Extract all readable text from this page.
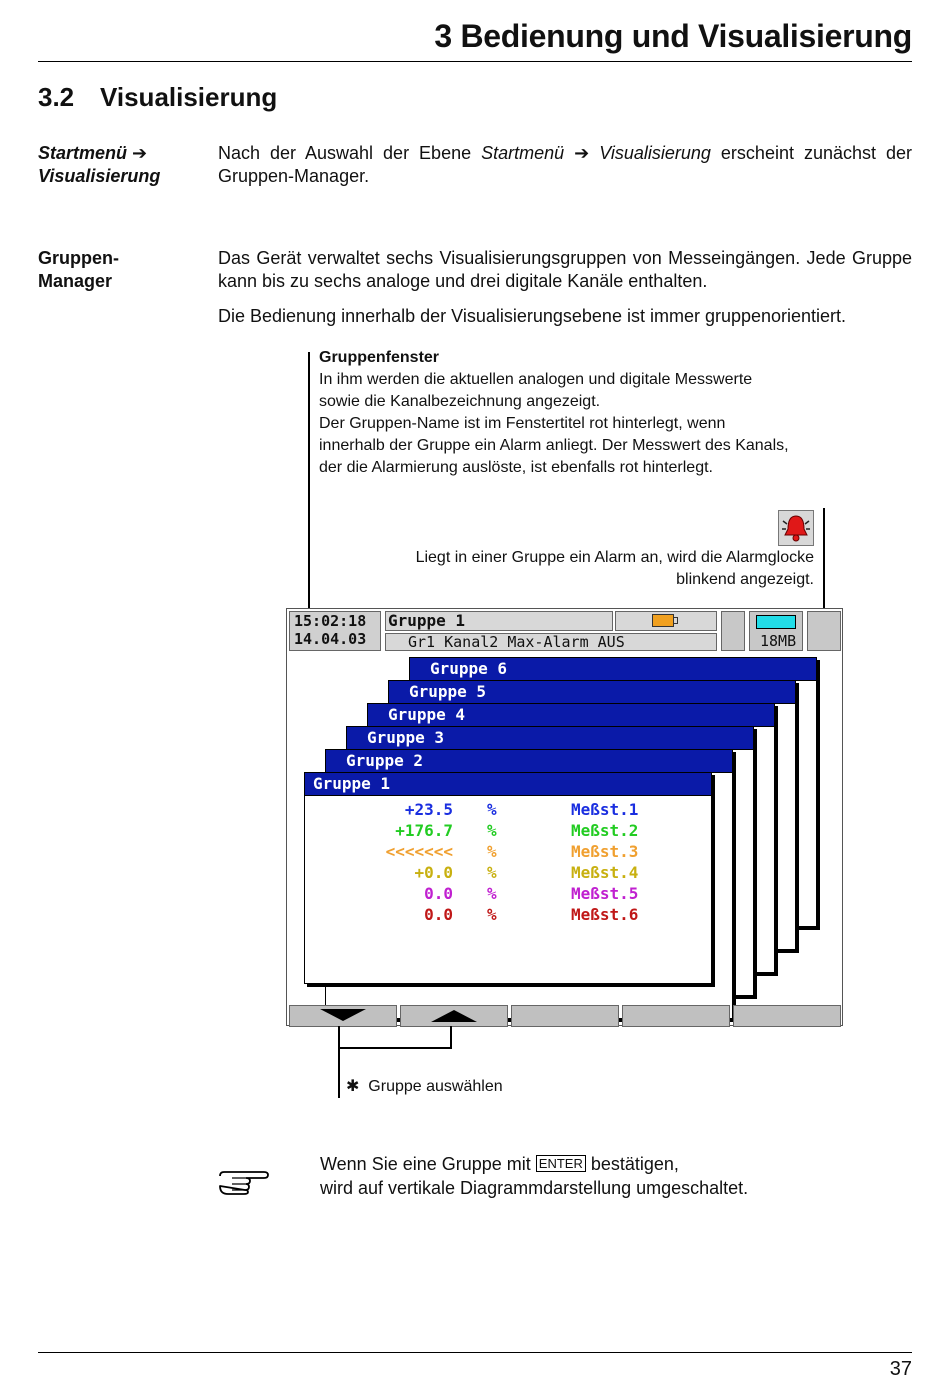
3 Bedienung und Visualisierung
3.2 Visualisierung
Startmenü ➔
Visualisierung
Nach der Auswahl der Ebene Startmenü ➔ Visualisierung erscheint zunächst der Gruppen-Manager.
Gruppen-
Manager
Das Gerät verwaltet sechs Visualisierungsgruppen von Messeingängen. Jede Gruppe kann bis zu sechs analoge und drei digitale Kanäle enthalten.
Die Bedienung innerhalb der Visualisierungsebene ist immer gruppenorientiert.
Gruppenfenster
In ihm werden die aktuellen analogen und digitale Messwerte
sowie die Kanalbezeichnung angezeigt.
Der Gruppen-Name ist im Fenstertitel rot hinterlegt, wenn
innerhalb der Gruppe ein Alarm anliegt. Der Messwert des Kanals,
der die Alarmierung auslöste, ist ebenfalls rot hinterlegt.
Liegt in einer Gruppe ein Alarm an, wird die Alarmglocke
blinkend angezeigt.
15:02:18
14.04.03
Gruppe 1
Gr1 Kanal2 Max-Alarm AUS	18MB
Gruppe 6
Gruppe 5
Gruppe 4
Gruppe 3
Gruppe 2
Gruppe 1
+23.5 %	Meßst.1
+176.7 %	Meßst.2
<<<<<<< %	Meßst.3
+0.0 %	Meßst.4
0.0 %	Meßst.5
0.0 %	Meßst.6
✱ Gruppe auswählen
Wenn Sie eine Gruppe mit ENTER bestätigen,
wird auf vertikale Diagrammdarstellung umgeschaltet.
37
